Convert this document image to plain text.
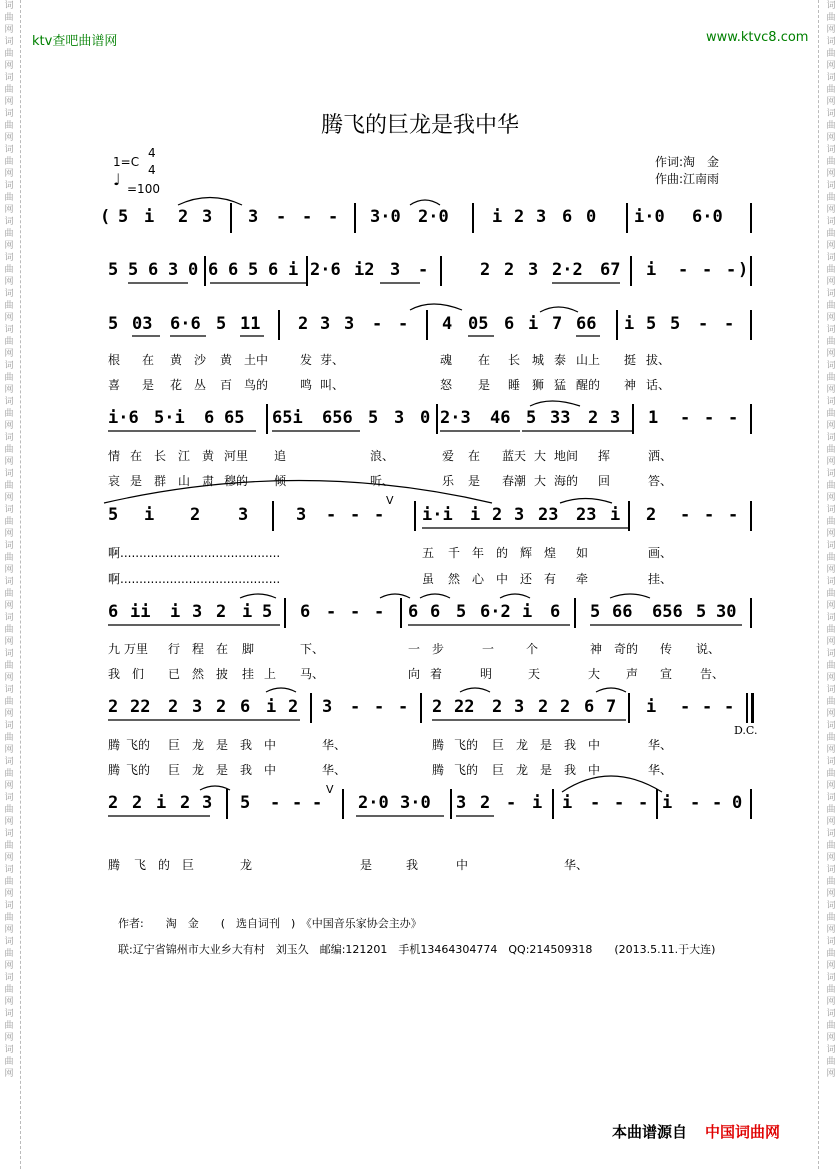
词曲网词曲网词曲网词曲网词曲网词曲网词曲网词曲网词曲网词曲网词曲网词曲网词曲网词曲网词曲网词曲网词曲网词曲网词曲网词曲网词曲网词曲网词曲网词曲网词曲网词曲网词曲网词曲网词曲网词曲网
词曲网词曲网词曲网词曲网词曲网词曲网词曲网词曲网词曲网词曲网词曲网词曲网词曲网词曲网词曲网词曲网词曲网词曲网词曲网词曲网词曲网词曲网词曲网词曲网词曲网词曲网词曲网词曲网词曲网词曲网
ktv查吧曲谱网	www.ktvc8.com
腾飞的巨龙是我中华
1=C
4
4
♩ =100
作词:淘　金
作曲:江南雨
( 5 i 2 3 3 - - - 3·0 2·0	i 2 3 6 0 i·0 6·0
5 5 6 3 0 6 6 5 6 i 2·6 i2 3 -	2 2 3 2·2 67 i - - - )
5 03 6·6 5 11 2 3 3 - - 4 05 6 i 7 66 i 5 5 - -
根 在 黄 沙 黄 土中	发 芽、	魂 在 长 城 泰 山上 挺 拔、
喜 是 花 丛 百 鸟的	鸣 叫、	怒 是 睡 狮 猛 醒的 神 话、
i·6 5·i 6 65 65i 656 5 3 0 2·3 46 5 33 2 3 1 - - -
情 在 长 江 黄 河里 追	浪、	爱 在 蓝天 大 地间 挥	洒、
哀 是 群 山 肃 穆的 倾	听、	乐 是 春潮 大 海的 回	答、
5 i 2 3	3 - - - i·i i 2 3 23 23 i 2 - - -
V
啊..........................................	五 千 年 的 辉 煌 如	画、
啊..........................................	虽 然 心 中 还 有 牵	挂、
6 ii i 3 2 i 5 6 - - - 6 6 5 6·2 i 6 5 66 656 5 30
九 万里 行 程 在 脚	下、	一 步	一	个	神 奇的 传 说、
我 们 已 然 披 挂 上 马、	向 着	明	天	大 声 宣 告、
2 22 2 3 2 6 i 2 3 - - - 2 22 2 3 2 2 6 7 i - - -
D.C.
腾 飞的 巨 龙 是 我 中	华、	腾 飞的 巨 龙 是 我 中	华、
腾 飞的 巨 龙 是 我 中	华、	腾 飞的 巨 龙 是 我 中	华、
2 2 i 2 3 5 - - - 2·0 3·0 3 2 - i i - - - i - - 0
V
腾 飞 的 巨	龙	是	我	中	华、
作者:　　淘　金　　(　选自词刊　)　《中国音乐家协会主办》
联:辽宁省锦州市大业乡大有村　刘玉久　邮编:121201　手机13464304774　QQ:214509318　　(2013.5.11.于大连)
本曲谱源自 中国词曲网
